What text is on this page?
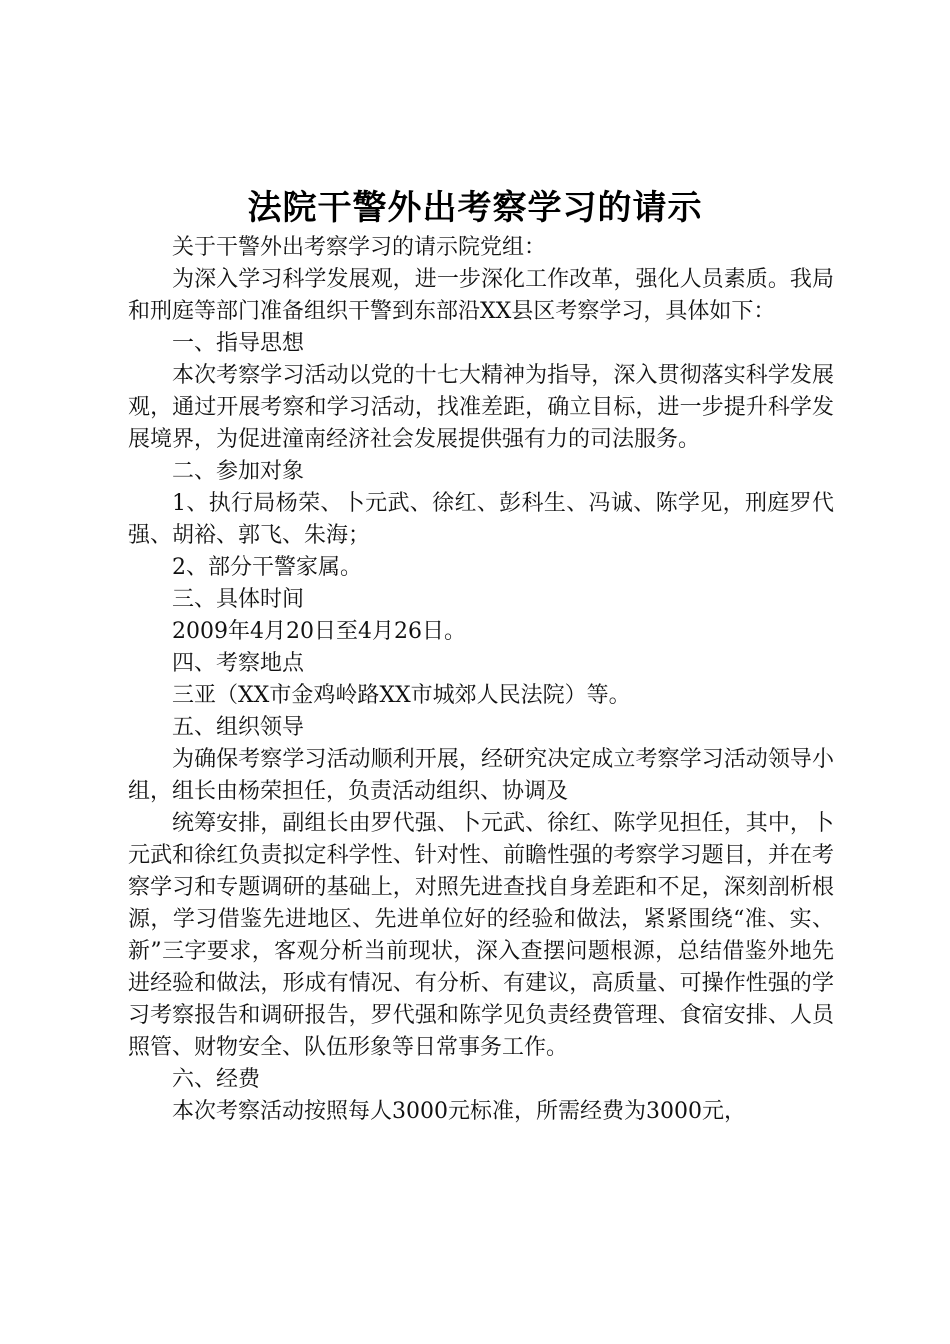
法院干警外出考察学习的请示

关于干警外出考察学习的请示院党组：

为深入学习科学发展观，进一步深化工作改革，强化人员素质。我局和刑庭等部门准备组织干警到东部沿XX县区考察学习，具体如下：

一、指导思想

本次考察学习活动以党的十七大精神为指导，深入贯彻落实科学发展观，通过开展考察和学习活动，找准差距，确立目标，进一步提升科学发展境界，为促进潼南经济社会发展提供强有力的司法服务。

二、参加对象

1、执行局杨荣、卜元武、徐红、彭科生、冯诚、陈学见，刑庭罗代强、胡裕、郭飞、朱海；

2、部分干警家属。

三、具体时间

2009年4月20日至4月26日。

四、考察地点

三亚（XX市金鸡岭路XX市城郊人民法院）等。

五、组织领导

为确保考察学习活动顺利开展，经研究决定成立考察学习活动领导小组，组长由杨荣担任，负责活动组织、协调及

统筹安排，副组长由罗代强、卜元武、徐红、陈学见担任，其中，卜元武和徐红负责拟定科学性、针对性、前瞻性强的考察学习题目，并在考察学习和专题调研的基础上，对照先进查找自身差距和不足，深刻剖析根源，学习借鉴先进地区、先进单位好的经验和做法，紧紧围绕“准、实、新”三字要求，客观分析当前现状，深入查摆问题根源，总结借鉴外地先进经验和做法，形成有情况、有分析、有建议，高质量、可操作性强的学习考察报告和调研报告，罗代强和陈学见负责经费管理、食宿安排、人员照管、财物安全、队伍形象等日常事务工作。

六、经费

本次考察活动按照每人3000元标准，所需经费为3000元，
